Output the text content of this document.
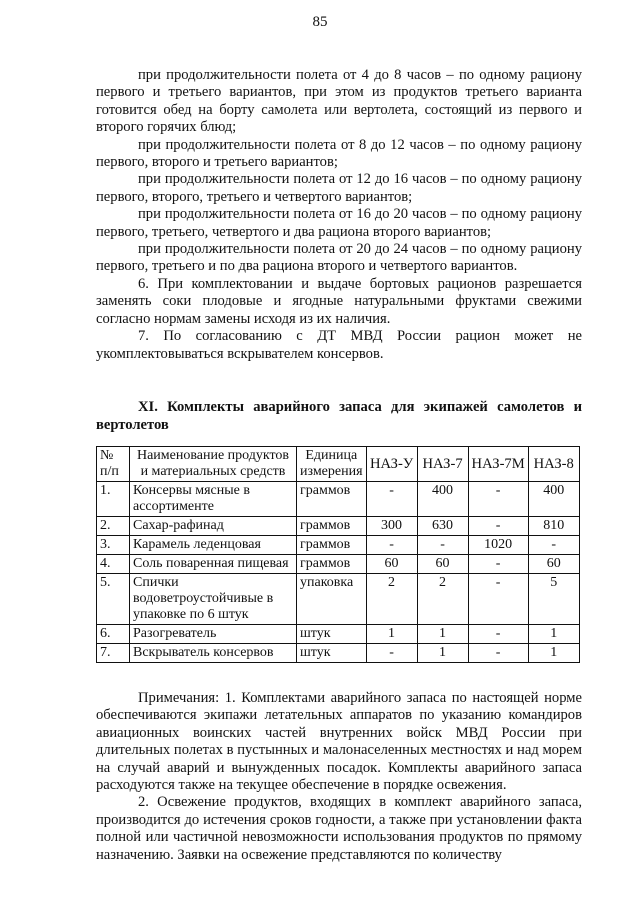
85

при продолжительности полета от 4 до 8 часов – по одному рациону первого и третьего вариантов, при этом из продуктов третьего варианта готовится обед на борту самолета или вертолета, состоящий из первого и второго горячих блюд;

при продолжительности полета от 8 до 12 часов – по одному рациону первого, второго и третьего вариантов;

при продолжительности полета от 12 до 16 часов – по одному рациону первого, второго, третьего и четвертого вариантов;

при продолжительности полета от 16 до 20 часов – по одному рациону первого, третьего, четвертого и два рациона второго вариантов;

при продолжительности полета от 20 до 24 часов – по одному рациону первого, третьего и по два рациона второго и четвертого вариантов.

6. При комплектовании и выдаче бортовых рационов разрешается заменять соки плодовые и ягодные натуральными фруктами свежими согласно нормам замены исходя из их наличия.

7. По согласованию с ДТ МВД России рацион может не укомплектовываться вскрывателем консервов.

XI. Комплекты аварийного запаса для экипажей самолетов и вертолетов
№ п/п	Наименование продуктов и материальных средств	Единица измерения	НАЗ-У	НАЗ-7	НАЗ-7М	НАЗ-8
1.	Консервы мясные в ассортименте	граммов	-	400	-	400
2.	Сахар-рафинад	граммов	300	630	-	810
3.	Карамель леденцовая	граммов	-	-	1020	-
4.	Соль поваренная пищевая	граммов	60	60	-	60
5.	Спички водоветроустойчивые в упаковке по 6 штук	упаковка	2	2	-	5
6.	Разогреватель	штук	1	1	-	1
7.	Вскрыватель консервов	штук	-	1	-	1

Примечания: 1. Комплектами аварийного запаса по настоящей норме обеспечиваются экипажи летательных аппаратов по указанию командиров авиационных воинских частей внутренних войск МВД России при длительных полетах в пустынных и малонаселенных местностях и над морем на случай аварий и вынужденных посадок. Комплекты аварийного запаса расходуются также на текущее обеспечение в порядке освежения.

2. Освежение продуктов, входящих в комплект аварийного запаса, производится до истечения сроков годности, а также при установлении факта полной или частичной невозможности использования продуктов по прямому назначению. Заявки на освежение представляются по количеству
